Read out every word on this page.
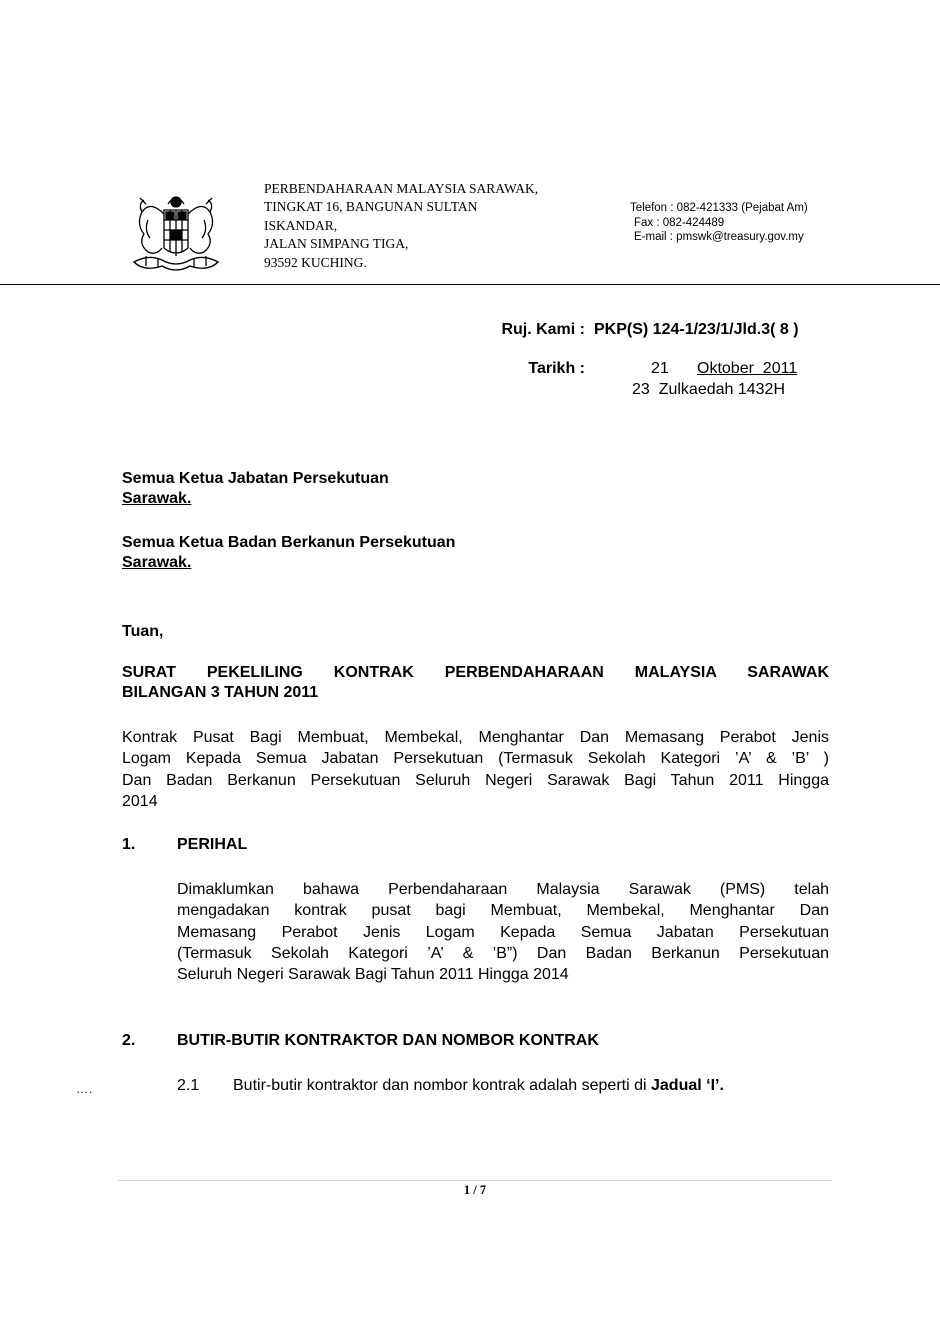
PERBENDAHARAAN MALAYSIA SARAWAK,
TINGKAT 16, BANGUNAN SULTAN
ISKANDAR,
JALAN SIMPANG TIGA,
93592 KUCHING.
Telefon : 082-421333 (Pejabat Am)
Fax : 082-424489
E-mail : pmswk@treasury.gov.my
Ruj. Kami : PKP(S) 124-1/23/1/Jld.3( 8 )
Tarikh :	21 Oktober  2011
23  Zulkaedah 1432H
Semua Ketua Jabatan Persekutuan
Sarawak.
Semua Ketua Badan Berkanun Persekutuan
Sarawak.
Tuan,
SURAT PEKELILING KONTRAK PERBENDAHARAAN MALAYSIA SARAWAK
BILANGAN 3 TAHUN 2011
Kontrak Pusat Bagi Membuat, Membekal, Menghantar Dan Memasang Perabot Jenis
Logam Kepada Semua Jabatan Persekutuan (Termasuk Sekolah Kategori ’A’ & ’B’ )
Dan Badan Berkanun Persekutuan Seluruh Negeri Sarawak Bagi Tahun 2011 Hingga
2014
1.	PERIHAL
Dimaklumkan bahawa Perbendaharaan Malaysia Sarawak (PMS) telah
mengadakan kontrak pusat bagi Membuat, Membekal, Menghantar Dan
Memasang Perabot Jenis Logam Kepada Semua Jabatan Persekutuan
(Termasuk Sekolah Kategori ’A’ & ’B”) Dan Badan Berkanun Persekutuan
Seluruh Negeri Sarawak Bagi Tahun 2011 Hingga 2014
2.	BUTIR-BUTIR KONTRAKTOR DAN NOMBOR KONTRAK
….	2.1 Butir-butir kontraktor dan nombor kontrak adalah seperti di Jadual ‘I’.
1 / 7
